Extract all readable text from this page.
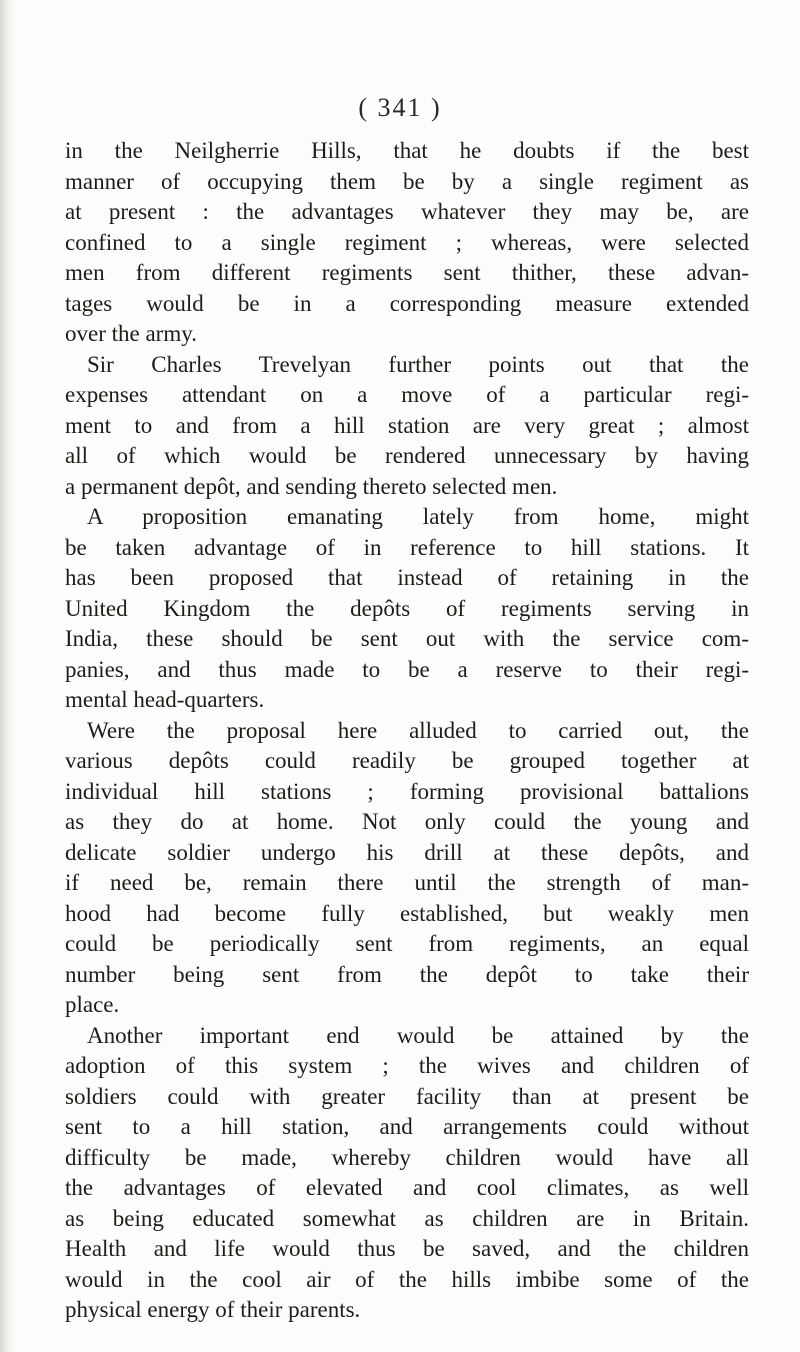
( 341 )

in the Neilgherrie Hills, that he doubts if the best
manner of occupying them be by a single regiment as
at present : the advantages whatever they may be, are
confined to a single regiment ; whereas, were selected
men from different regiments sent thither, these advan-
tages would be in a corresponding measure extended
over the army.
Sir Charles Trevelyan further points out that the
expenses attendant on a move of a particular regi-
ment to and from a hill station are very great ; almost
all of which would be rendered unnecessary by having
a permanent depôt, and sending thereto selected men.
A proposition emanating lately from home, might
be taken advantage of in reference to hill stations. It
has been proposed that instead of retaining in the
United Kingdom the depôts of regiments serving in
India, these should be sent out with the service com-
panies, and thus made to be a reserve to their regi-
mental head-quarters.
Were the proposal here alluded to carried out, the
various depôts could readily be grouped together at
individual hill stations ; forming provisional battalions
as they do at home. Not only could the young and
delicate soldier undergo his drill at these depôts, and
if need be, remain there until the strength of man-
hood had become fully established, but weakly men
could be periodically sent from regiments, an equal
number being sent from the depôt to take their
place.
Another important end would be attained by the
adoption of this system ; the wives and children of
soldiers could with greater facility than at present be
sent to a hill station, and arrangements could without
difficulty be made, whereby children would have all
the advantages of elevated and cool climates, as well
as being educated somewhat as children are in Britain.
Health and life would thus be saved, and the children
would in the cool air of the hills imbibe some of the
physical energy of their parents.
